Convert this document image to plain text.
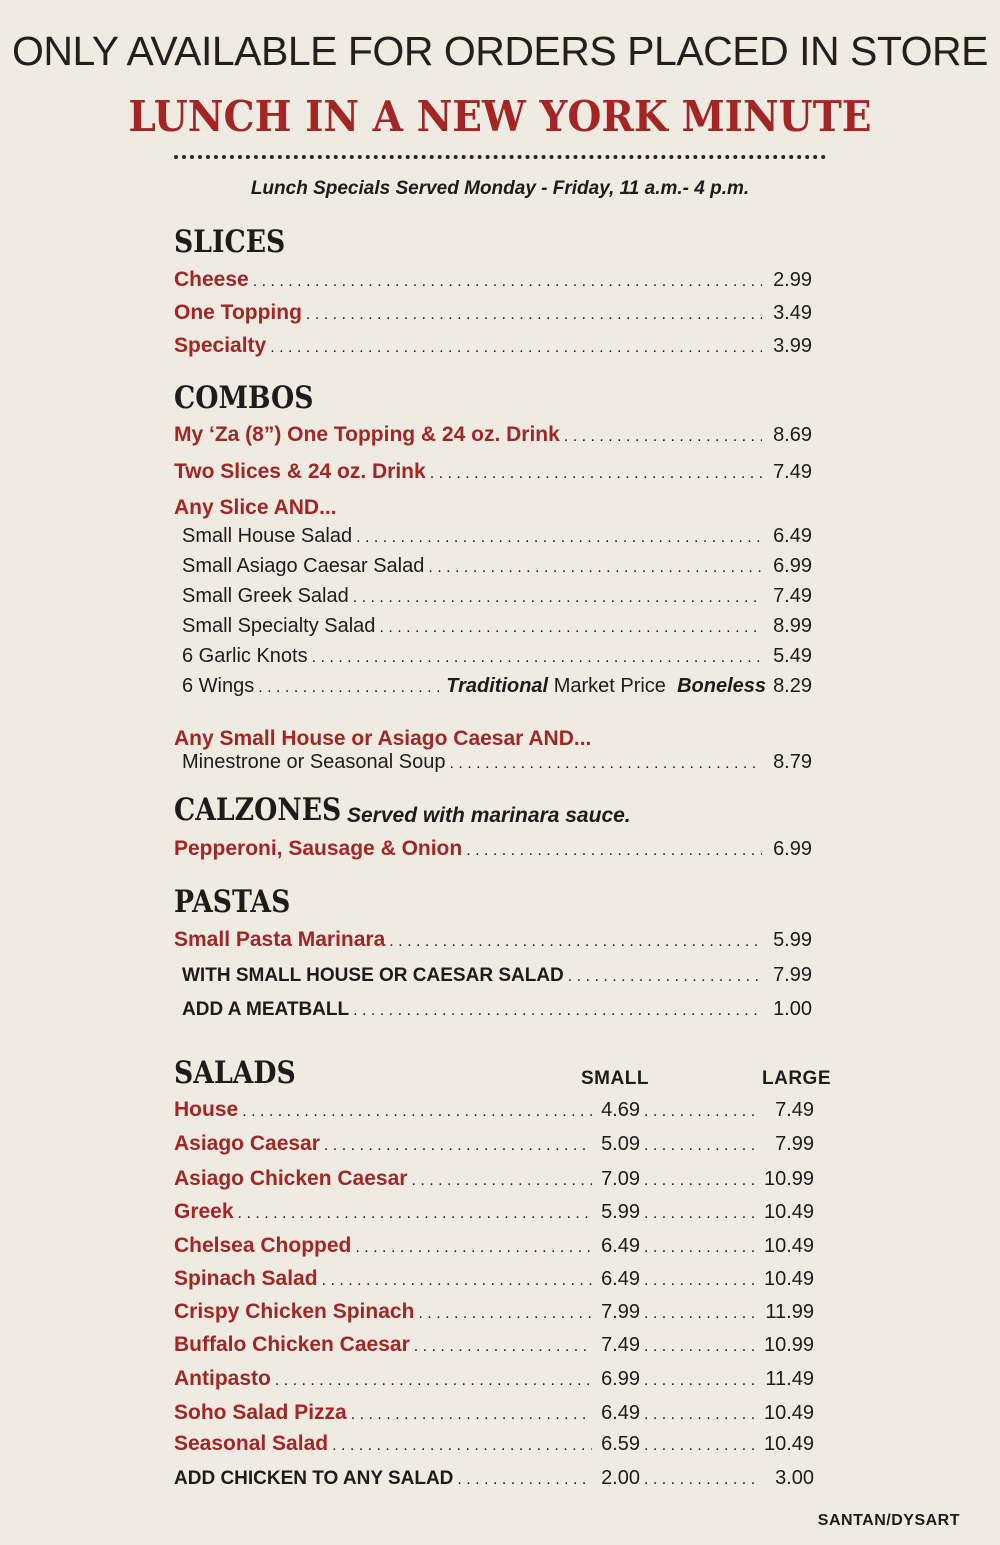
ONLY AVAILABLE FOR ORDERS PLACED IN STORE
LUNCH IN A NEW YORK MINUTE
Lunch Specials Served Monday - Friday, 11 a.m.- 4 p.m.
SLICES
Cheese . . .	2.99
One Topping . . .	3.49
Specialty . . .	3.99
COMBOS
My ‘Za (8”) One Topping & 24 oz. Drink . . .	8.69
Two Slices & 24 oz. Drink . . .	7.49
Any Slice AND...
Small House Salad . . .	6.49
Small Asiago Caesar Salad . . .	6.99
Small Greek Salad . . .	7.49
Small Specialty Salad . . .	8.99
6 Garlic Knots . . .	5.49
6 Wings . . .	Traditional Market Price Boneless 8.29
Any Small House or Asiago Caesar AND...
Minestrone or Seasonal Soup . . .	8.79
CALZONES Served with marinara sauce.
Pepperoni, Sausage & Onion . . .	6.99
PASTAS
Small Pasta Marinara . . .	5.99
WITH SMALL HOUSE OR CAESAR SALAD . . .	7.99
ADD A MEATBALL . . .	1.00
SALADS	SMALL	LARGE
House . . .	4.69 . . .	7.49
Asiago Caesar . . .	5.09 . . .	7.99
Asiago Chicken Caesar . . .	7.09 . . .	10.99
Greek . . .	5.99 . . .	10.49
Chelsea Chopped . . .	6.49 . . .	10.49
Spinach Salad . . .	6.49 . . .	10.49
Crispy Chicken Spinach . . .	7.99 . . .	11.99
Buffalo Chicken Caesar . . .	7.49 . . .	10.99
Antipasto . . .	6.99 . . .	11.49
Soho Salad Pizza . . .	6.49 . . .	10.49
Seasonal Salad . . .	6.59 . . .	10.49
ADD CHICKEN TO ANY SALAD . . .	2.00 . . .	3.00
SANTAN/DYSART
